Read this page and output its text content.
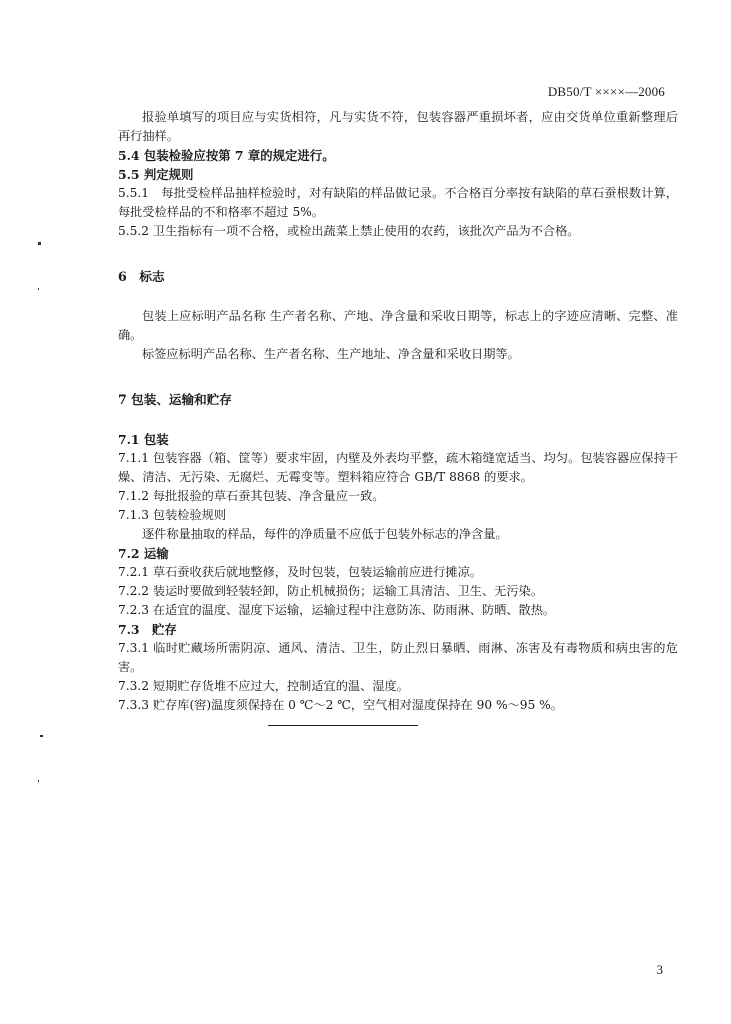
DB50/T ××××—2006

报验单填写的项目应与实货相符，凡与实货不符，包装容器严重损坏者，应由交货单位重新整理后再行抽样。

5.4 包装检验应按第 7 章的规定进行。

5.5 判定规则

5.5.1　每批受检样品抽样检验时，对有缺陷的样品做记录。不合格百分率按有缺陷的草石蚕根数计算，每批受检样品的不和格率不超过 5%。

5.5.2 卫生指标有一项不合格，或检出蔬菜上禁止使用的农药，该批次产品为不合格。

6　标志

包装上应标明产品名称 生产者名称、产地、净含量和采收日期等，标志上的字迹应清晰、完整、准确。

标签应标明产品名称、生产者名称、生产地址、净含量和采收日期等。

7 包装、运输和贮存

7.1 包装

7.1.1 包装容器（箱、筐等）要求牢固，内壁及外表均平整，疏木箱缝宽适当、均匀。包装容器应保持干燥、清洁、无污染、无腐烂、无霉变等。塑料箱应符合 GB/T 8868 的要求。

7.1.2 每批报验的草石蚕其包装、净含量应一致。

7.1.3 包装检验规则

逐件称量抽取的样品，每件的净质量不应低于包装外标志的净含量。

7.2 运输

7.2.1 草石蚕收获后就地整修，及时包装，包装运输前应进行摊凉。

7.2.2 装运时要做到轻装轻卸，防止机械损伤；运输工具清洁、卫生、无污染。

7.2.3 在适宜的温度、湿度下运输，运输过程中注意防冻、防雨淋、防晒、散热。

7.3　贮存

7.3.1 临时贮藏场所需阴凉、通风、清洁、卫生，防止烈日暴晒、雨淋、冻害及有毒物质和病虫害的危害。

7.3.2 短期贮存货堆不应过大，控制适宜的温、湿度。

7.3.3 贮存库(窖)温度须保持在 0 ℃～2 ℃，空气相对湿度保持在 90 %～95 %。

3
